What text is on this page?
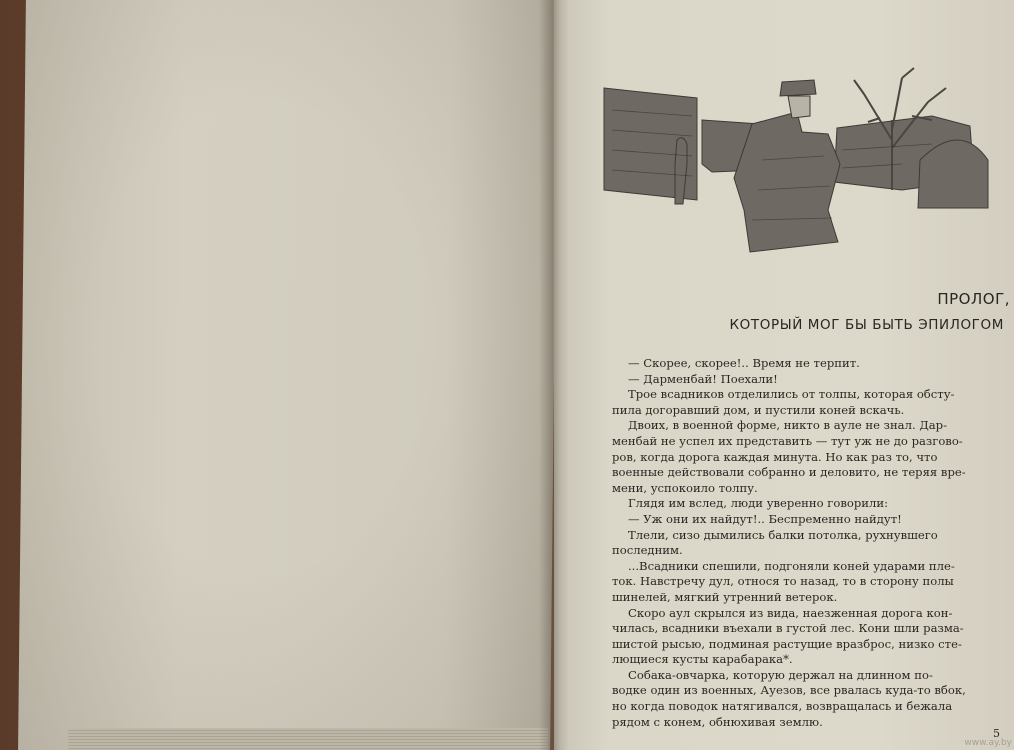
ПРОЛОГ,
КОТОРЫЙ МОГ БЫ БЫТЬ ЭПИЛОГОМ

— Скорее, скорее!.. Время не терпит.

— Дарменбай! Поехали!

Трое всадников отделились от толпы, которая обсту-

пила догоравший дом, и пустили коней вскачь.

Двоих, в военной форме, никто в ауле не знал. Дар-

менбай не успел их представить — тут уж не до разгово-

ров, когда дорога каждая минута. Но как раз то, что

военные действовали собранно и деловито, не теряя вре-

мени, успокоило толпу.

Глядя им вслед, люди уверенно говорили:

— Уж они их найдут!.. Беспременно найдут!

Тлели, сизо дымились балки потолка, рухнувшего

последним.

...Всадники спешили, подгоняли коней ударами пле-

ток. Навстречу дул, относя то назад, то в сторону полы

шинелей, мягкий утренний ветерок.

Скоро аул скрылся из вида, наезженная дорога кон-

чилась, всадники въехали в густой лес. Кони шли разма-

шистой рысью, подминая растущие вразброс, низко сте-

лющиеся кусты карабарака*.

Собака-овчарка, которую держал на длинном по-

водке один из военных, Ауезов, все рвалась куда-то вбок,

но когда поводок натягивался, возвращалась и бежала

рядом с конем, обнюхивая землю.

5
www.ay.by
